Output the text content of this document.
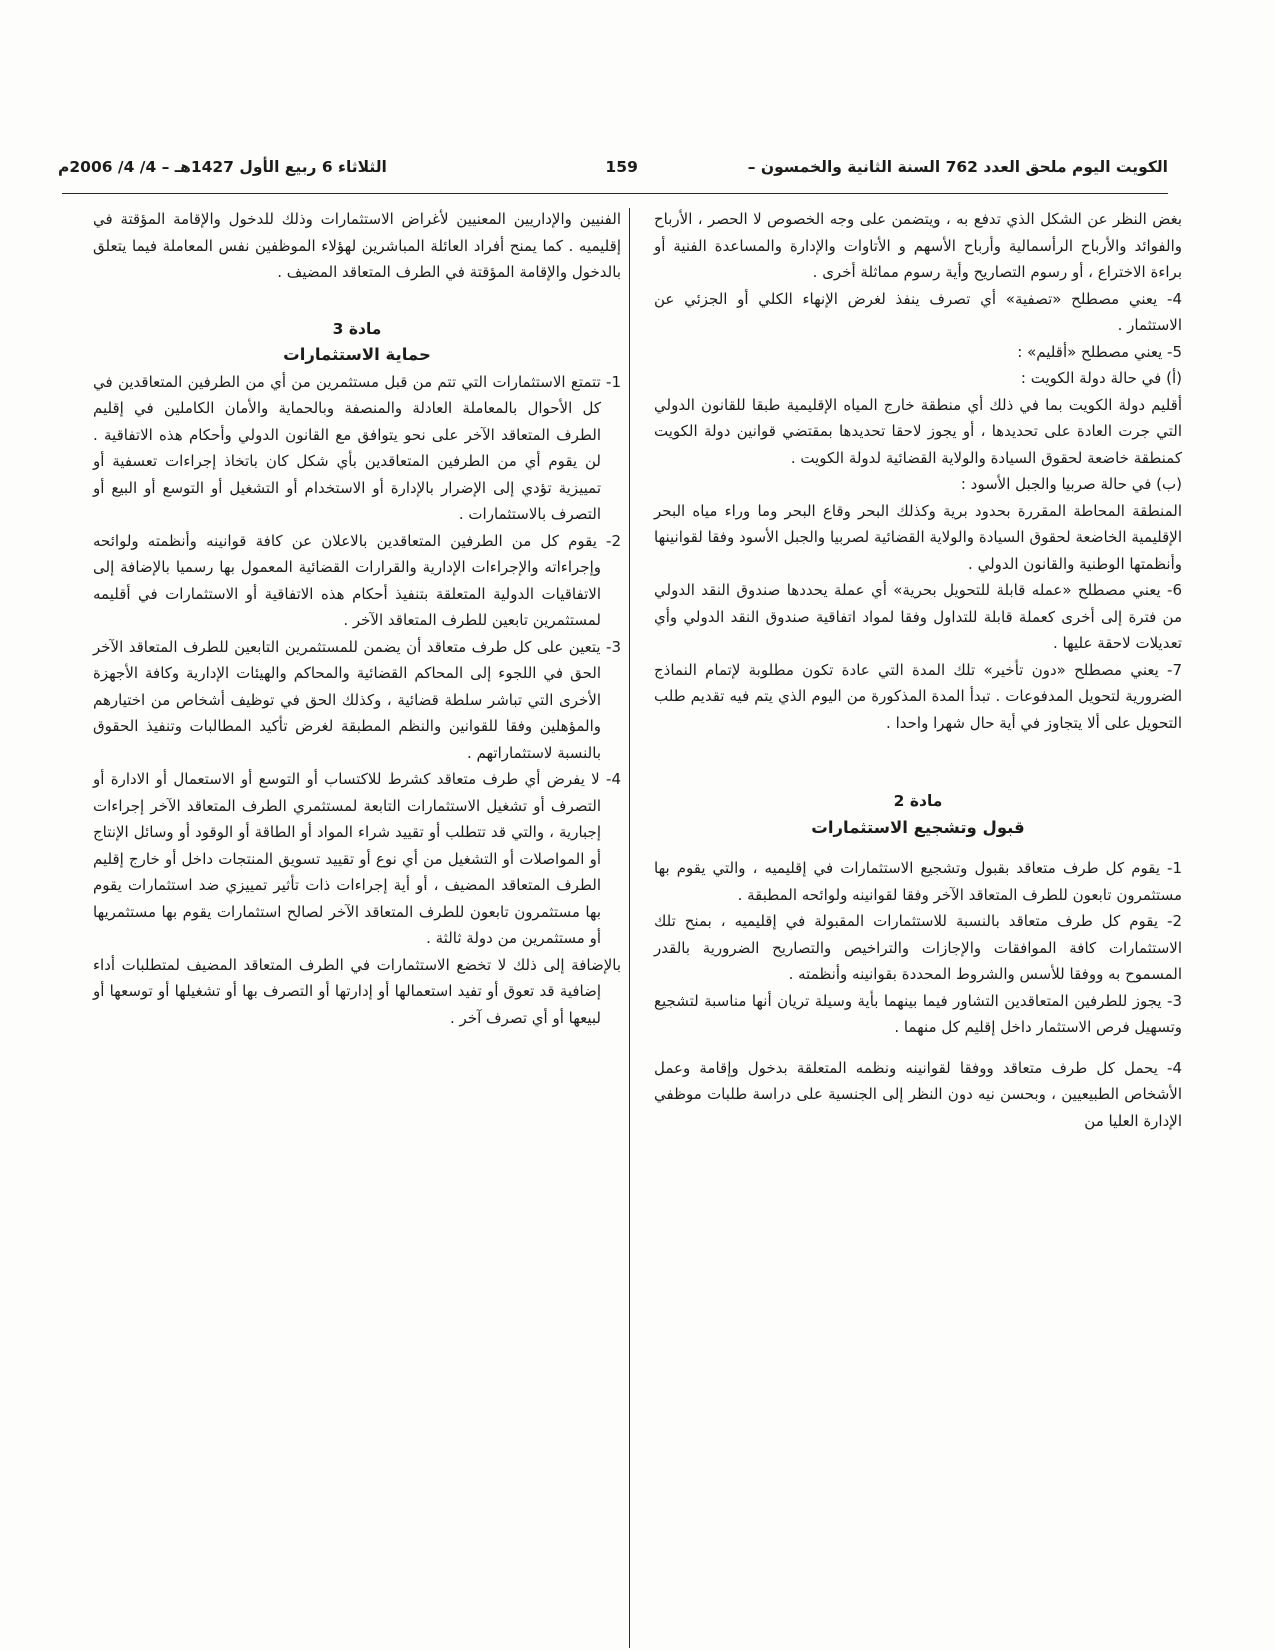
الكويت اليوم ملحق العدد 762 السنة الثانية والخمسون –
159
الثلاثاء 6 ربيع الأول 1427هـ – 4/ 4/ 2006م

بغض النظر عن الشكل الذي تدفع به ، ويتضمن على وجه الخصوص لا الحصر ، الأرباح والفوائد والأرباح الرأسمالية وأرباح الأسهم و الأتاوات والإدارة والمساعدة الفنية أو براءة الاختراع ، أو رسوم التصاريح وأية رسوم مماثلة أخرى .

4- يعني مصطلح «تصفية» أي تصرف ينفذ لغرض الإنهاء الكلي أو الجزئي عن الاستثمار .

5- يعني مصطلح «أقليم» :

(أ) في حالة دولة الكويت :

أقليم دولة الكويت بما في ذلك أي منطقة خارج المياه الإقليمية طبقا للقانون الدولي التي جرت العادة على تحديدها ، أو يجوز لاحقا تحديدها بمقتضي قوانين دولة الكويت كمنطقة خاضعة لحقوق السيادة والولاية القضائية لدولة الكويت .

(ب) في حالة صربيا والجبل الأسود :

المنطقة المحاطة المقررة بحدود برية وكذلك البحر وقاع البحر وما وراء مياه البحر الإقليمية الخاضعة لحقوق السيادة والولاية القضائية لصربيا والجبل الأسود وفقا لقوانينها وأنظمتها الوطنية والقانون الدولي .

6- يعني مصطلح «عمله قابلة للتحويل بحرية» أي عملة يحددها صندوق النقد الدولي من فترة إلى أخرى كعملة قابلة للتداول وفقا لمواد اتفاقية صندوق النقد الدولي وأي تعديلات لاحقة عليها .

7- يعني مصطلح «دون تأخير» تلك المدة التي عادة تكون مطلوبة لإتمام النماذج الضرورية لتحويل المدفوعات . تبدأ المدة المذكورة من اليوم الذي يتم فيه تقديم طلب التحويل على ألا يتجاوز في أية حال شهرا واحدا .

مادة 2

قبول وتشجيع الاستثمارات

1- يقوم كل طرف متعاقد بقبول وتشجيع الاستثمارات في إقليميه ، والتي يقوم بها مستثمرون تابعون للطرف المتعاقد الآخر وفقا لقوانينه ولوائحه المطبقة .

2- يقوم كل طرف متعاقد بالنسبة للاستثمارات المقبولة في إقليميه ، بمنح تلك الاستثمارات كافة الموافقات والإجازات والتراخيص والتصاريح الضرورية بالقدر المسموح به ووفقا للأسس والشروط المحددة بقوانينه وأنظمته .

3- يجوز للطرفين المتعاقدين التشاور فيما بينهما بأية وسيلة تريان أنها مناسبة لتشجيع وتسهيل فرص الاستثمار داخل إقليم كل منهما .

4- يحمل كل طرف متعاقد ووفقا لقوانينه ونظمه المتعلقة بدخول وإقامة وعمل الأشخاص الطبيعيين ، وبحسن نيه دون النظر إلى الجنسية على دراسة طلبات موظفي الإدارة العليا من

الفنيين والإداريين المعنيين لأغراض الاستثمارات وذلك للدخول والإقامة المؤقتة في إقليميه . كما يمنح أفراد العائلة المباشرين لهؤلاء الموظفين نفس المعاملة فيما يتعلق بالدخول والإقامة المؤقتة في الطرف المتعاقد المضيف .

مادة 3

حماية الاستثمارات

1- تتمتع الاستثمارات التي تتم من قبل مستثمرين من أي من الطرفين المتعاقدين في كل الأحوال بالمعاملة العادلة والمنصفة وبالحماية والأمان الكاملين في إقليم الطرف المتعاقد الآخر على نحو يتوافق مع القانون الدولي وأحكام هذه الاتفاقية . لن يقوم أي من الطرفين المتعاقدين بأي شكل كان باتخاذ إجراءات تعسفية أو تمييزية تؤدي إلى الإضرار بالإدارة أو الاستخدام أو التشغيل أو التوسع أو البيع أو التصرف بالاستثمارات .

2- يقوم كل من الطرفين المتعاقدين بالاعلان عن كافة قوانينه وأنظمته ولوائحه وإجراءاته والإجراءات الإدارية والقرارات القضائية المعمول بها رسميا بالإضافة إلى الاتفاقيات الدولية المتعلقة بتنفيذ أحكام هذه الاتفاقية أو الاستثمارات في أقليمه لمستثمرين تابعين للطرف المتعاقد الآخر .

3- يتعين على كل طرف متعاقد أن يضمن للمستثمرين التابعين للطرف المتعاقد الآخر الحق في اللجوء إلى المحاكم القضائية والمحاكم والهيئات الإدارية وكافة الأجهزة الأخرى التي تباشر سلطة قضائية ، وكذلك الحق في توظيف أشخاص من اختيارهم والمؤهلين وفقا للقوانين والنظم المطبقة لغرض تأكيد المطالبات وتنفيذ الحقوق بالنسبة لاستثماراتهم .

4- لا يفرض أي طرف متعاقد كشرط للاكتساب أو التوسع أو الاستعمال أو الادارة أو التصرف أو تشغيل الاستثمارات التابعة لمستثمري الطرف المتعاقد الآخر إجراءات إجبارية ، والتي قد تتطلب أو تقييد شراء المواد أو الطاقة أو الوقود أو وسائل الإنتاج أو المواصلات أو التشغيل من أي نوع أو تقييد تسويق المنتجات داخل أو خارج إقليم الطرف المتعاقد المضيف ، أو أية إجراءات ذات تأثير تمييزي ضد استثمارات يقوم بها مستثمرون تابعون للطرف المتعاقد الآخر لصالح استثمارات يقوم بها مستثمريها أو مستثمرين من دولة ثالثة .

بالإضافة إلى ذلك لا تخضع الاستثمارات في الطرف المتعاقد المضيف لمتطلبات أداء إضافية قد تعوق أو تفيد استعمالها أو إدارتها أو التصرف بها أو تشغيلها أو توسعها أو لبيعها أو أي تصرف آخر .
